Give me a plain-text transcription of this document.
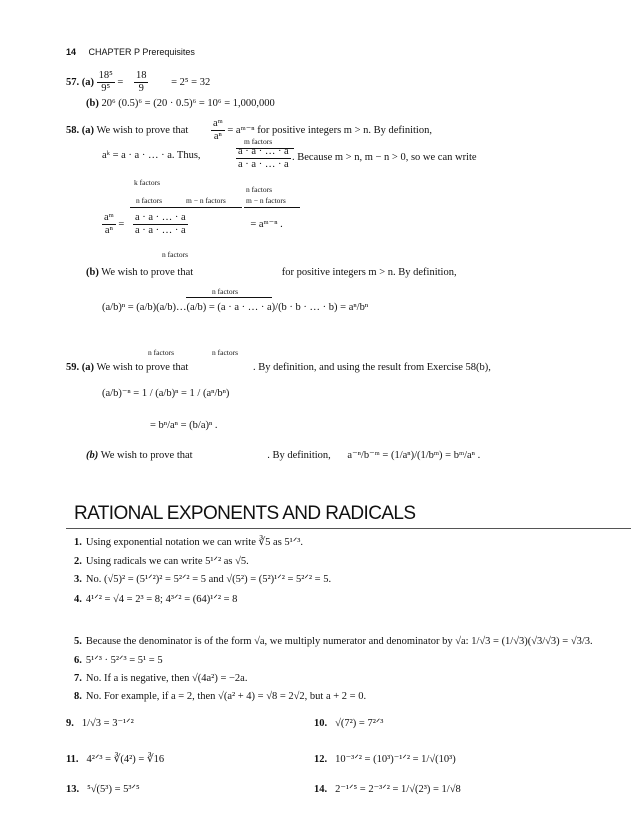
14 CHAPTER P Prerequisites
57. $(a) \frac{\text{18⁵}}{\text{9⁵}} = \frac{18}{9} = 2^5 = 32$
(b) 20⁶ (0.5)⁶ = (20 · 0.5)⁶ = 10⁶ = 1,000,000
58. (a) We wish to prove that $\frac{\text{aᵐ}}{\text{aⁿ}}$ = aᵐ⁻ⁿ for positive integers m > n. By definition,
m factors
aᵏ = a · a · … · a. Thus,	$\frac{a \cdot a \cdot \dots \cdot a}{a \cdot a \cdot \dots \cdot a}$ . Because m > n, m − n > 0, so we can write
k factors
n factors
n factors	m − n factors	m − n factors
$\frac{\text{aᵐ}}{\text{aⁿ}} = \frac{a \cdot a \cdot \dots \cdot a}{a \cdot a \cdot \dots \cdot a}$	= aᵐ⁻ⁿ .
n factors
(b) We wish to prove that	for positive integers m > n. By definition,
n factors
(a/b)ⁿ = (a/b)(a/b)…(a/b) = (a · a · … · a)/(b · b · … · b) = aⁿ/bⁿ
n factors	n factors
59. (a) We wish to prove that	. By definition, and using the result from Exercise 58(b),
(a/b)⁻ⁿ = 1 / (a/b)ⁿ = 1 / (aⁿ/bⁿ)
= bⁿ/aⁿ = (b/a)ⁿ .
(b) We wish to prove that	. By definition, a⁻ⁿ/b⁻ᵐ = (1/aⁿ)/(1/bᵐ) = bᵐ/aⁿ .
RATIONAL EXPONENTS AND RADICALS
1. Using exponential notation we can write ∛5 as 5¹ᐟ³.
2. Using radicals we can write 5¹ᐟ² as √5.
3. No. (√5)² = (5¹ᐟ²)² = 5²ᐟ² = 5 and √(5²) = (5²)¹ᐟ² = 5²ᐟ² = 5.
4. 4¹ᐟ² = √4 = 2³ = 8; 4³ᐟ² = (64)¹ᐟ² = 8
5. Because the denominator is of the form √a, we multiply numerator and denominator by √a: 1/√3 = (1/√3)(√3/√3) = √3/3.
6. 5¹ᐟ³ · 5²ᐟ³ = 5¹ = 5
7. No. If a is negative, then √(4a²) = −2a.
8. No. For example, if a = 2, then √(a² + 4) = √8 = 2√2, but a + 2 = 0.
9. 1/√3 = 3⁻¹ᐟ²	10. √(7²) = 7²ᐟ³
11. 4²ᐟ³ = ∛(4²) = ∛16	12. 10⁻³ᐟ² = (10³)⁻¹ᐟ² = 1/√(10³)
13. ⁵√(5³) = 5³ᐟ⁵	14. 2⁻¹ᐟ⁵ = 2⁻³ᐟ² = 1/√(2³) = 1/√8
